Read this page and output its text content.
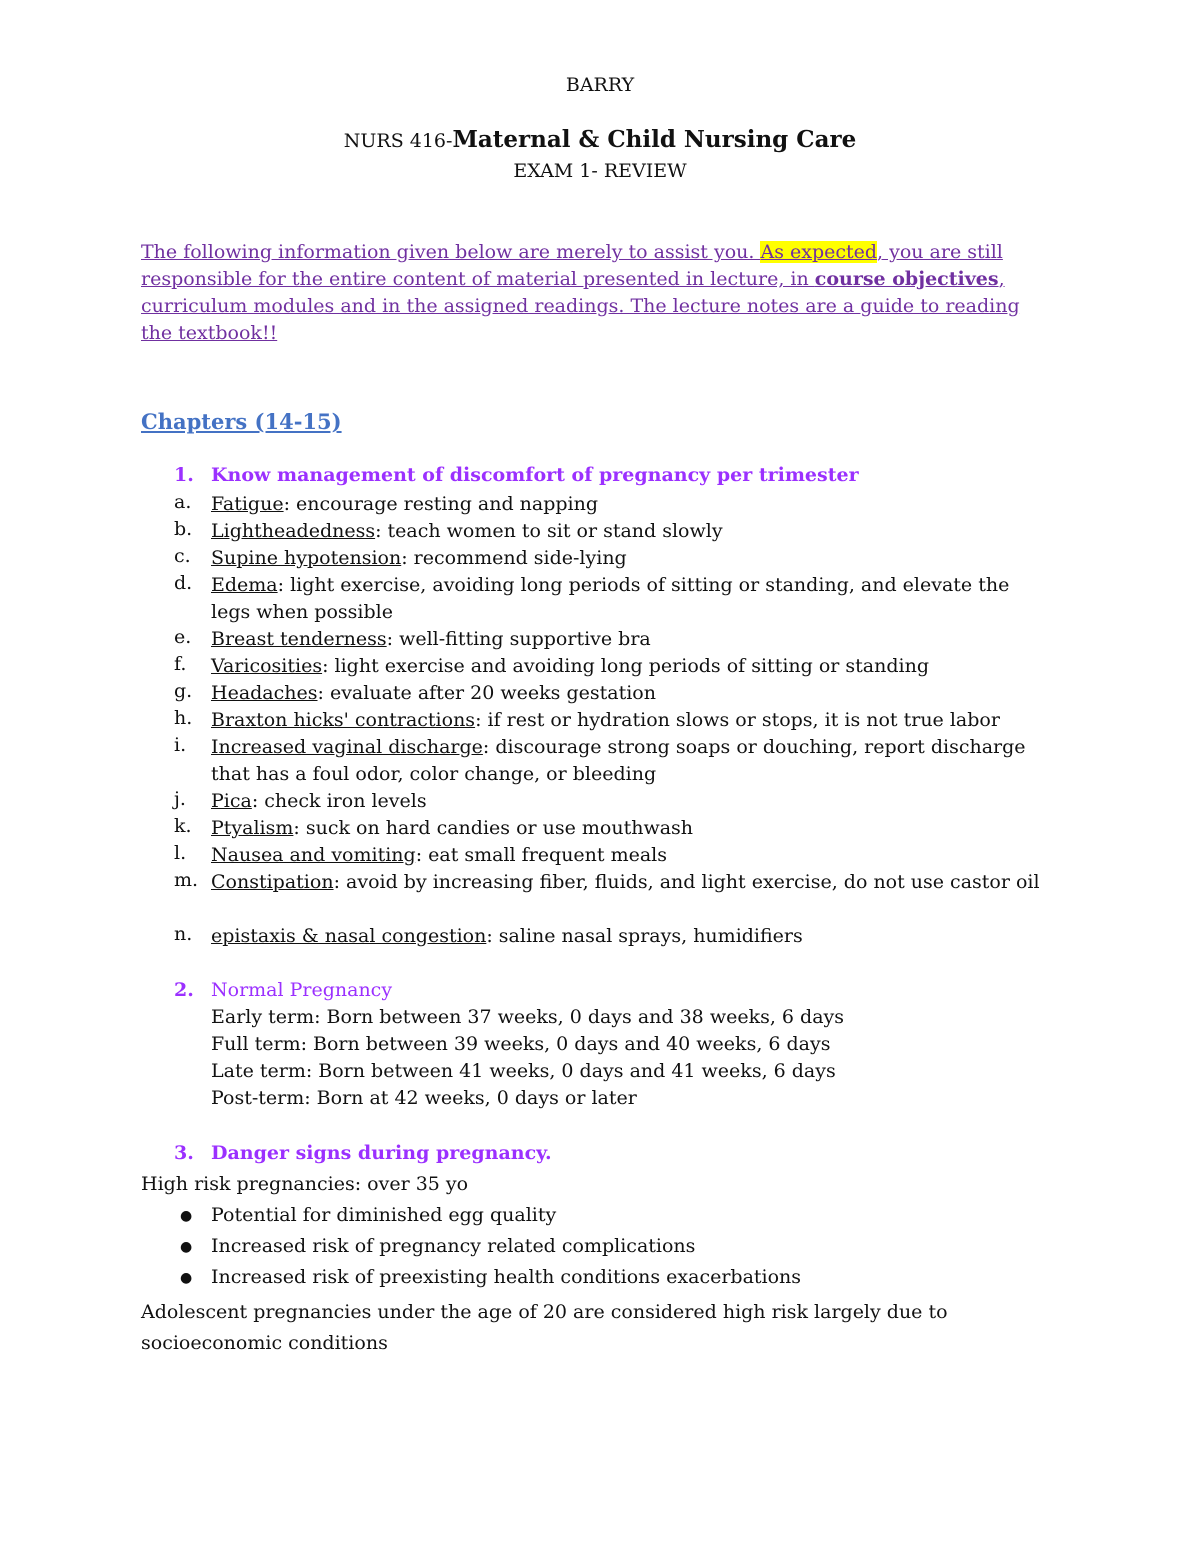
BARRY
NURS 416-Maternal & Child Nursing Care
EXAM 1- REVIEW
The following information given below are merely to assist you. As expected, you are still responsible for the entire content of material presented in lecture, in course objectives, curriculum modules and in the assigned readings. The lecture notes are a guide to reading the textbook!!
Chapters (14-15)
1. Know management of discomfort of pregnancy per trimester
a. Fatigue: encourage resting and napping
b. Lightheadedness: teach women to sit or stand slowly
c. Supine hypotension: recommend side-lying
d. Edema: light exercise, avoiding long periods of sitting or standing, and elevate the legs when possible
e. Breast tenderness: well-fitting supportive bra
f. Varicosities: light exercise and avoiding long periods of sitting or standing
g. Headaches: evaluate after 20 weeks gestation
h. Braxton hicks' contractions: if rest or hydration slows or stops, it is not true labor
i. Increased vaginal discharge: discourage strong soaps or douching, report discharge that has a foul odor, color change, or bleeding
j. Pica: check iron levels
k. Ptyalism: suck on hard candies or use mouthwash
l. Nausea and vomiting: eat small frequent meals
m. Constipation: avoid by increasing fiber, fluids, and light exercise, do not use castor oil
n. epistaxis & nasal congestion: saline nasal sprays, humidifiers
2. Normal Pregnancy
Early term: Born between 37 weeks, 0 days and 38 weeks, 6 days
Full term: Born between 39 weeks, 0 days and 40 weeks, 6 days
Late term: Born between 41 weeks, 0 days and 41 weeks, 6 days
Post-term: Born at 42 weeks, 0 days or later
3. Danger signs during pregnancy.
High risk pregnancies: over 35 yo
● Potential for diminished egg quality
● Increased risk of pregnancy related complications
● Increased risk of preexisting health conditions exacerbations
Adolescent pregnancies under the age of 20 are considered high risk largely due to socioeconomic conditions
